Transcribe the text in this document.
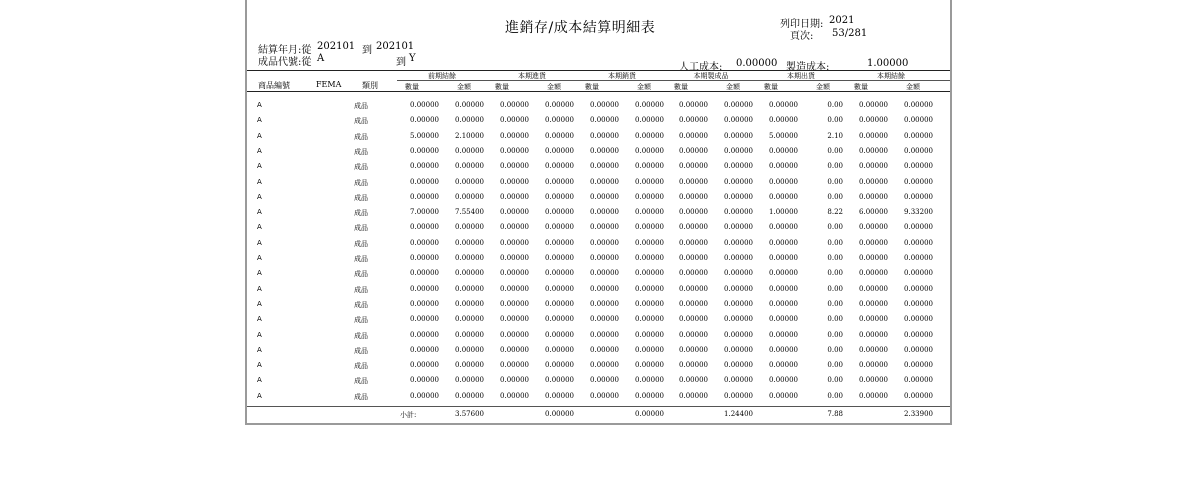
進銷存/成本結算明細表	列印日期: 2021
頁次: 53/281
結算年月:從 202101 到 202101
成品代號:從 A	到 Y
人工成本: 0.00000 製造成本:	1.00000
商品編號	FEMA	類別
前期結餘
數量	金額
本期進貨
數量	金額
本期銷貨
數量	金額
本期製成品
數量	金額
本期出貨
數量	金額
本期結餘
數量	金額
A	成品	0.00000	0.00000	0.00000	0.00000	0.00000	0.00000	0.00000	0.00000	0.00000	0.00	0.00000	0.00000
A	成品	0.00000	0.00000	0.00000	0.00000	0.00000	0.00000	0.00000	0.00000	0.00000	0.00	0.00000	0.00000
A	成品	5.00000	2.10000	0.00000	0.00000	0.00000	0.00000	0.00000	0.00000	5.00000	2.10	0.00000	0.00000
A	成品	0.00000	0.00000	0.00000	0.00000	0.00000	0.00000	0.00000	0.00000	0.00000	0.00	0.00000	0.00000
A	成品	0.00000	0.00000	0.00000	0.00000	0.00000	0.00000	0.00000	0.00000	0.00000	0.00	0.00000	0.00000
A	成品	0.00000	0.00000	0.00000	0.00000	0.00000	0.00000	0.00000	0.00000	0.00000	0.00	0.00000	0.00000
A	成品	0.00000	0.00000	0.00000	0.00000	0.00000	0.00000	0.00000	0.00000	0.00000	0.00	0.00000	0.00000
A	成品	7.00000	7.55400	0.00000	0.00000	0.00000	0.00000	0.00000	0.00000	1.00000	8.22	6.00000	9.33200
A	成品	0.00000	0.00000	0.00000	0.00000	0.00000	0.00000	0.00000	0.00000	0.00000	0.00	0.00000	0.00000
A	成品	0.00000	0.00000	0.00000	0.00000	0.00000	0.00000	0.00000	0.00000	0.00000	0.00	0.00000	0.00000
A	成品	0.00000	0.00000	0.00000	0.00000	0.00000	0.00000	0.00000	0.00000	0.00000	0.00	0.00000	0.00000
A	成品	0.00000	0.00000	0.00000	0.00000	0.00000	0.00000	0.00000	0.00000	0.00000	0.00	0.00000	0.00000
A	成品	0.00000	0.00000	0.00000	0.00000	0.00000	0.00000	0.00000	0.00000	0.00000	0.00	0.00000	0.00000
A	成品	0.00000	0.00000	0.00000	0.00000	0.00000	0.00000	0.00000	0.00000	0.00000	0.00	0.00000	0.00000
A	成品	0.00000	0.00000	0.00000	0.00000	0.00000	0.00000	0.00000	0.00000	0.00000	0.00	0.00000	0.00000
A	成品	0.00000	0.00000	0.00000	0.00000	0.00000	0.00000	0.00000	0.00000	0.00000	0.00	0.00000	0.00000
A	成品	0.00000	0.00000	0.00000	0.00000	0.00000	0.00000	0.00000	0.00000	0.00000	0.00	0.00000	0.00000
A	成品	0.00000	0.00000	0.00000	0.00000	0.00000	0.00000	0.00000	0.00000	0.00000	0.00	0.00000	0.00000
A	成品	0.00000	0.00000	0.00000	0.00000	0.00000	0.00000	0.00000	0.00000	0.00000	0.00	0.00000	0.00000
A	成品	0.00000	0.00000	0.00000	0.00000	0.00000	0.00000	0.00000	0.00000	0.00000	0.00	0.00000	0.00000
小計:	3.57600	0.00000	0.00000	1.24400	7.88	2.33900
